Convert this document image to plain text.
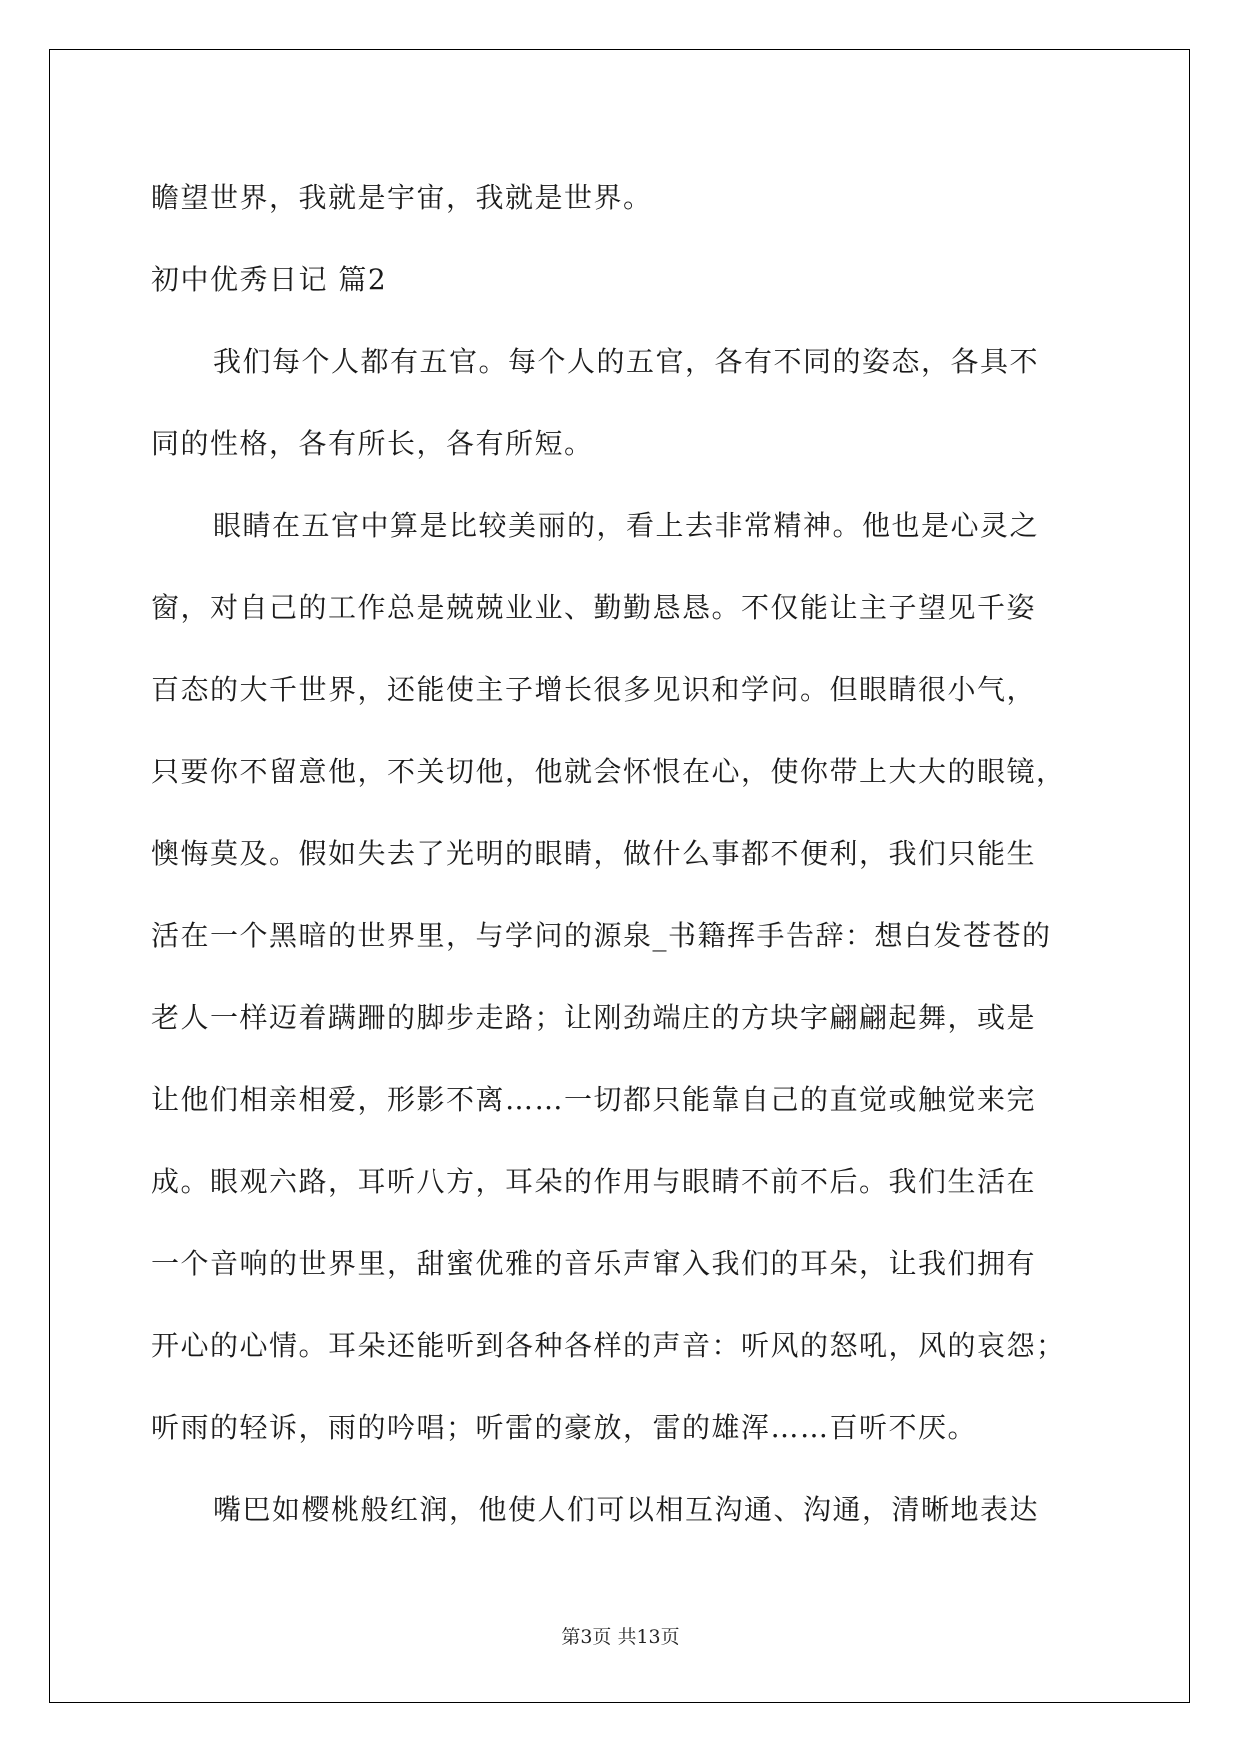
瞻望世界，我就是宇宙，我就是世界。
初中优秀日记 篇2
我们每个人都有五官。每个人的五官，各有不同的姿态，各具不
同的性格，各有所长，各有所短。
眼睛在五官中算是比较美丽的，看上去非常精神。他也是心灵之
窗，对自己的工作总是兢兢业业、勤勤恳恳。不仅能让主子望见千姿
百态的大千世界，还能使主子增长很多见识和学问。但眼睛很小气，
只要你不留意他，不关切他，他就会怀恨在心，使你带上大大的眼镜，
懊悔莫及。假如失去了光明的眼睛，做什么事都不便利，我们只能生
活在一个黑暗的世界里，与学问的源泉_书籍挥手告辞：想白发苍苍的
老人一样迈着蹒跚的脚步走路；让刚劲端庄的方块字翩翩起舞，或是
让他们相亲相爱，形影不离……一切都只能靠自己的直觉或触觉来完
成。眼观六路，耳听八方，耳朵的作用与眼睛不前不后。我们生活在
一个音响的世界里，甜蜜优雅的音乐声窜入我们的耳朵，让我们拥有
开心的心情。耳朵还能听到各种各样的声音：听风的怒吼，风的哀怨；
听雨的轻诉，雨的吟唱；听雷的豪放，雷的雄浑……百听不厌。
嘴巴如樱桃般红润，他使人们可以相互沟通、沟通，清晰地表达
第3页 共13页
